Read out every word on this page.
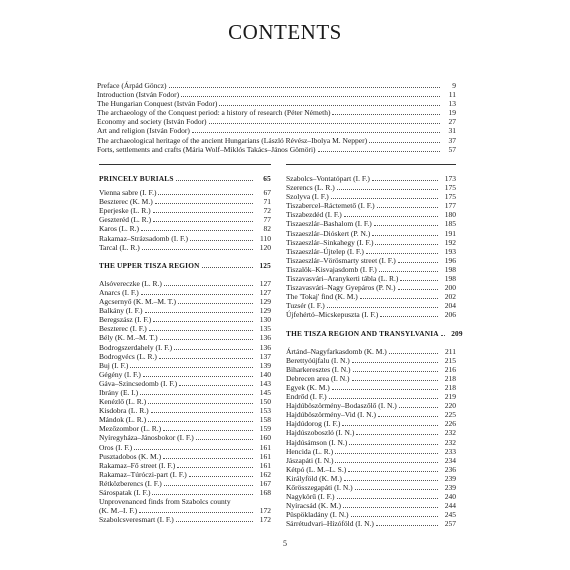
CONTENTS
Preface (Árpád Göncz)	9
Introduction (István Fodor)	11
The Hungarian Conquest (István Fodor)	13
The archaeology of the Conquest period: a history of research (Péter Németh)	19
Economy and society (István Fodor)	27
Art and religion (István Fodor)	31
The archaeological heritage of the ancient Hungarians (László Révész–Ibolya M. Nepper)	37
Forts, settlements and crafts (Mária Wolf–Miklós Takács–János Gömöri)	57
PRINCELY BURIALS	65
Vienna sabre (I. F.)	67
Beszterec (K. M.)	71
Eperjeske (L. R.)	72
Geszteréd (L. R.)	77
Karos (L. R.)	82
Rakamaz–Strázsadomb (I. F.)	110
Tarcal (L. R.)	120
THE UPPER TISZA REGION	125
Alsóvereczke (L. R.)	127
Anarcs (I. F.)	127
Agcsernyő (K. M.–M. T.)	129
Balkány (I. F.)	129
Beregszász (I. F.)	130
Beszterec (I. F.)	135
Bély (K. M.–M. T.)	136
Bodrogszerdahely (I. F.)	136
Bodrogvécs (L. R.)	137
Buj (I. F.)	139
Gégény (I. F.)	140
Gáva–Szincsedomb (I. F.)	143
Ibrány (E. I.)	145
Kenézlő (L. R.)	150
Kisdobra (L. R.)	153
Mándok (L. R.)	158
Mezőzombor (L. R.)	159
Nyíregyháza–Jánosbokor (I. F.)	160
Oros (I. F.)	161
Pusztadobos (K. M.)	161
Rakamaz–Fő street (I. F.)	161
Rakamaz–Túróczi-part (I. F.)	162
Rétközberencs (I. F.)	167
Sárospatak (I. F.)	168
Unprovenanced finds from Szabolcs county
(K. M.–I. F.)	172
Szabolcsveresmart (I. F.)	172
Szabolcs–Vontatópart (I. F.)	173
Szerencs (L. R.)	175
Szolyva (I. F.)	175
Tiszabercel–Ráctemető (I. F.)	177
Tiszabezdéd (I. F.)	180
Tiszaeszlár–Bashalom (I. F.)	185
Tiszaeszlár–Dióskert (P. N.)	191
Tiszaeszlár–Sinkahegy (I. F.)	192
Tiszaeszlár–Újtelep (I. F.)	193
Tiszaeszlár–Vörösmarty street (I. F.)	196
Tiszalök–Kisvajasdomb (I. F.)	198
Tiszavasvári–Aranykerti tábla (L. R.)	198
Tiszavasvári–Nagy Gyepáros (P. N.)	200
The 'Tokaj' find (K. M.)	202
Tuzsér (I. F.)	204
Újfehértó–Micskepuszta (I. F.)	206
THE TISZA REGION AND TRANSYLVANIA	209
Ártánd–Nagyfarkasdomb (K. M.)	211
Berettyóújfalu (I. N.)	215
Biharkeresztes (I. N.)	216
Debrecen area (I. N.)	218
Egyek (K. M.)	218
Endrőd (I. F.)	219
Hajdúböszörmény–Bodaszőlő (I. N.)	220
Hajdúböszörmény–Vid (I. N.)	225
Hajdúdorog (I. F.)	226
Hajdúszoboszló (I. N.)	232
Hajdúsámson (I. N.)	232
Hencida (L. R.)	233
Jászapáti (I. N.)	234
Kétpó (L. M.–L. S.)	236
Királyföld (K. M.)	239
Kőrösszegapáti (I. N.)	239
Nagykörű (I. F.)	240
Nyíracsád (K. M.)	244
Püspökladány (I. N.)	245
Sárrétudvari–Hízóföld (I. N.)	257
5
